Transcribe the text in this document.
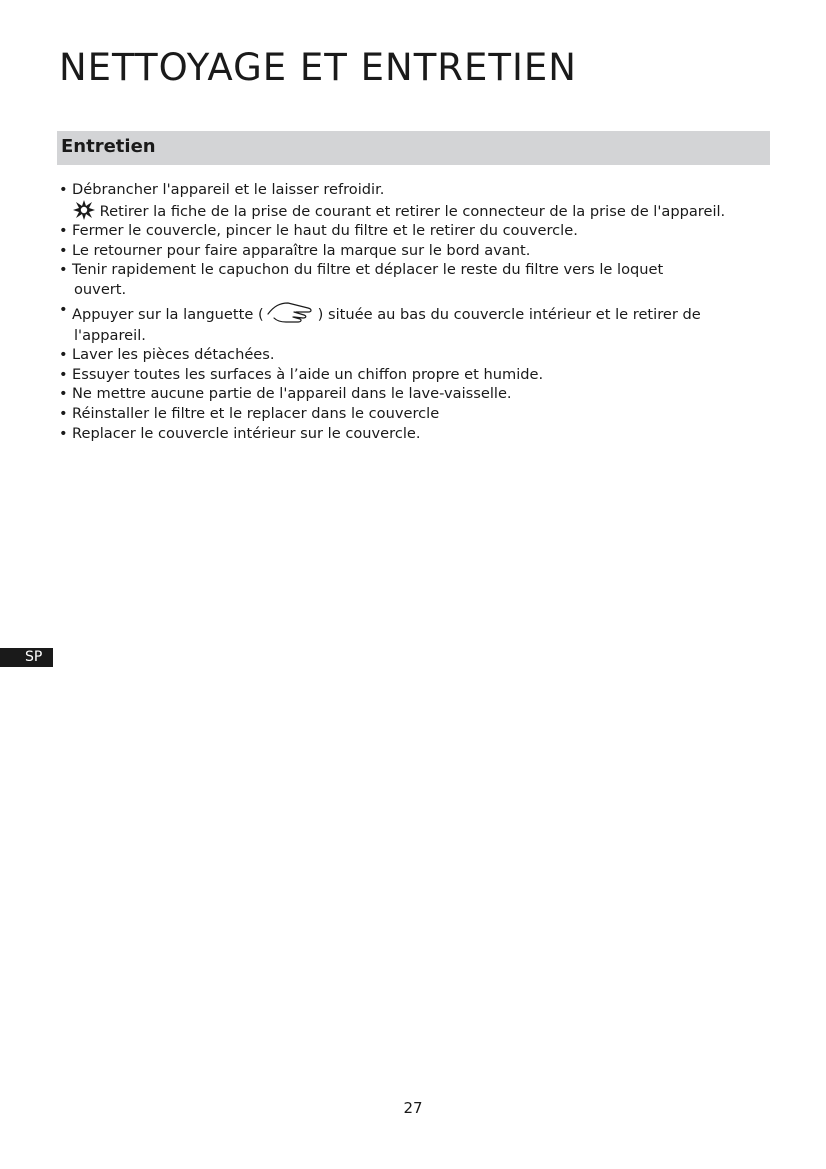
NETTOYAGE ET ENTRETIEN
Entretien
• Débrancher l'appareil et le laisser refroidir.
Retirer la fiche de la prise de courant et retirer le connecteur de la prise de l'appareil.
• Fermer le couvercle, pincer le haut du filtre et le retirer du couvercle.
• Le retourner pour faire apparaître la marque sur le bord avant.
• Tenir rapidement le capuchon du filtre et déplacer le reste du filtre vers le loquet
ouvert.
• Appuyer sur la languette (	) située au bas du couvercle intérieur et le retirer de
l'appareil.
• Laver les pièces détachées.
• Essuyer toutes les surfaces à l’aide un chiffon propre et humide.
• Ne mettre aucune partie de l'appareil dans le lave-vaisselle.
• Réinstaller le filtre et le replacer dans le couvercle
• Replacer le couvercle intérieur sur le couvercle.
SP
27
